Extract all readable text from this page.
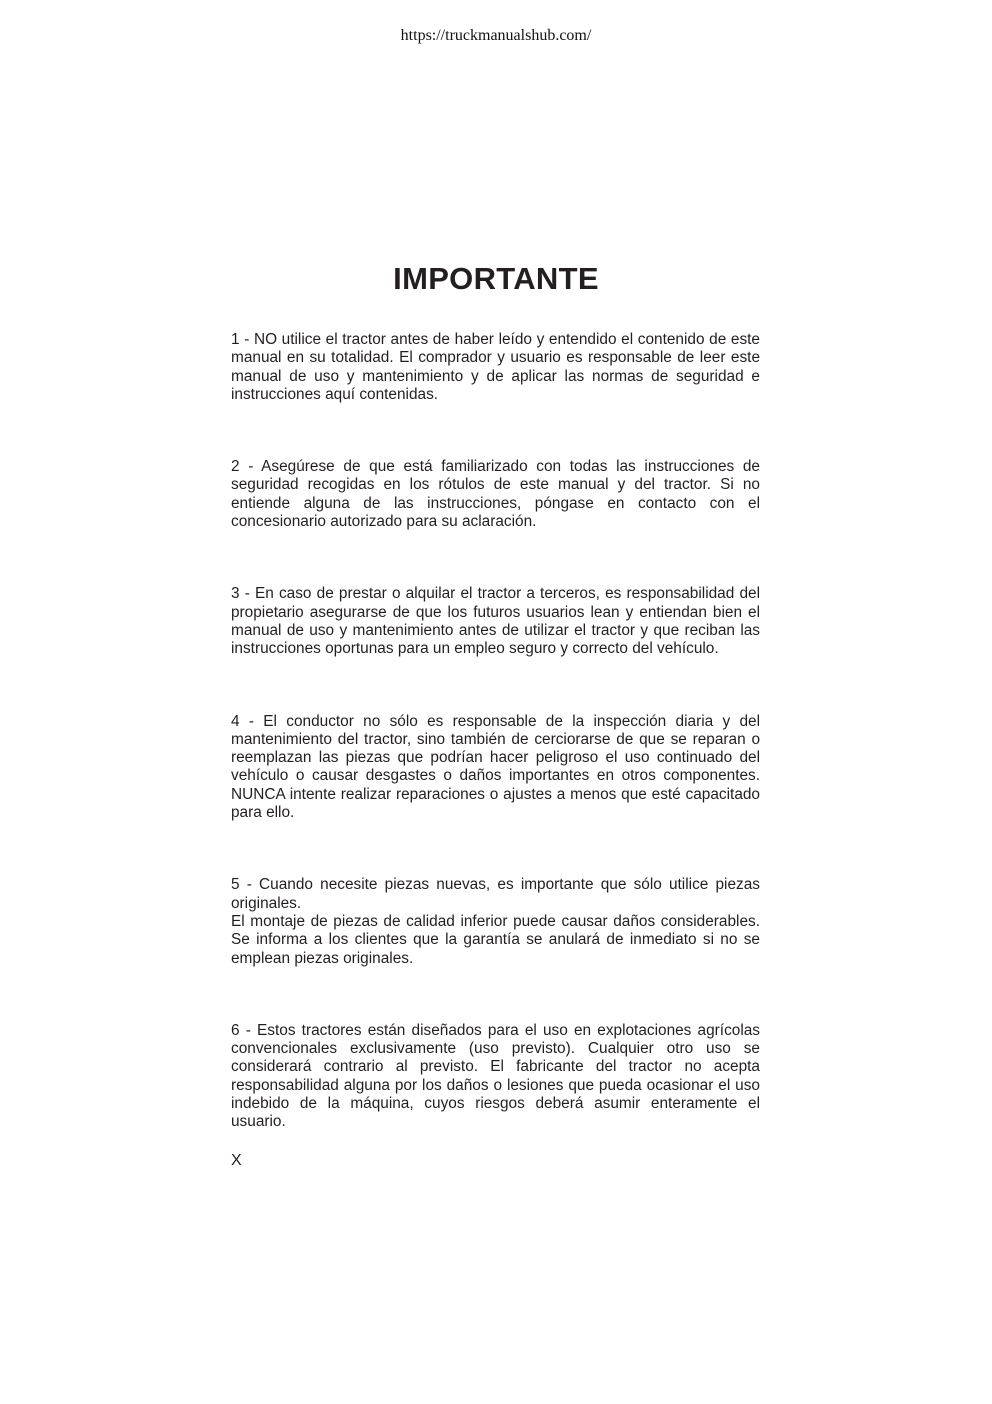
https://truckmanualshub.com/
IMPORTANTE

1 - NO utilice el tractor antes de haber leído y entendido el contenido de este manual en su totalidad. El comprador y usuario es responsable de leer este manual de uso y mantenimiento y de aplicar las normas de seguridad e instrucciones aquí contenidas.

2 - Asegúrese de que está familiarizado con todas las instrucciones de seguridad recogidas en los rótulos de este manual y del tractor. Si no entiende alguna de las instrucciones, póngase en contacto con el concesionario autorizado para su aclaración.

3 - En caso de prestar o alquilar el tractor a terceros, es responsabilidad del propietario asegurarse de que los futuros usuarios lean y entiendan bien el manual de uso y mantenimiento antes de utilizar el tractor y que reciban las instrucciones oportunas para un empleo seguro y correcto del vehículo.

4 - El conductor no sólo es responsable de la inspección diaria y del mantenimiento del tractor, sino también de cerciorarse de que se reparan o reemplazan las piezas que podrían hacer peligroso el uso continuado del vehículo o causar desgastes o daños importantes en otros componentes. NUNCA intente realizar reparaciones o ajustes a menos que esté capacitado para ello.

5 - Cuando necesite piezas nuevas, es importante que sólo utilice piezas originales.
El montaje de piezas de calidad inferior puede causar daños considerables. Se informa a los clientes que la garantía se anulará de inmediato si no se emplean piezas originales.

6 - Estos tractores están diseñados para el uso en explotaciones agrícolas convencionales exclusivamente (uso previsto). Cualquier otro uso se considerará contrario al previsto. El fabricante del tractor no acepta responsabilidad alguna por los daños o lesiones que pueda ocasionar el uso indebido de la máquina, cuyos riesgos deberá asumir enteramente el usuario.

X
